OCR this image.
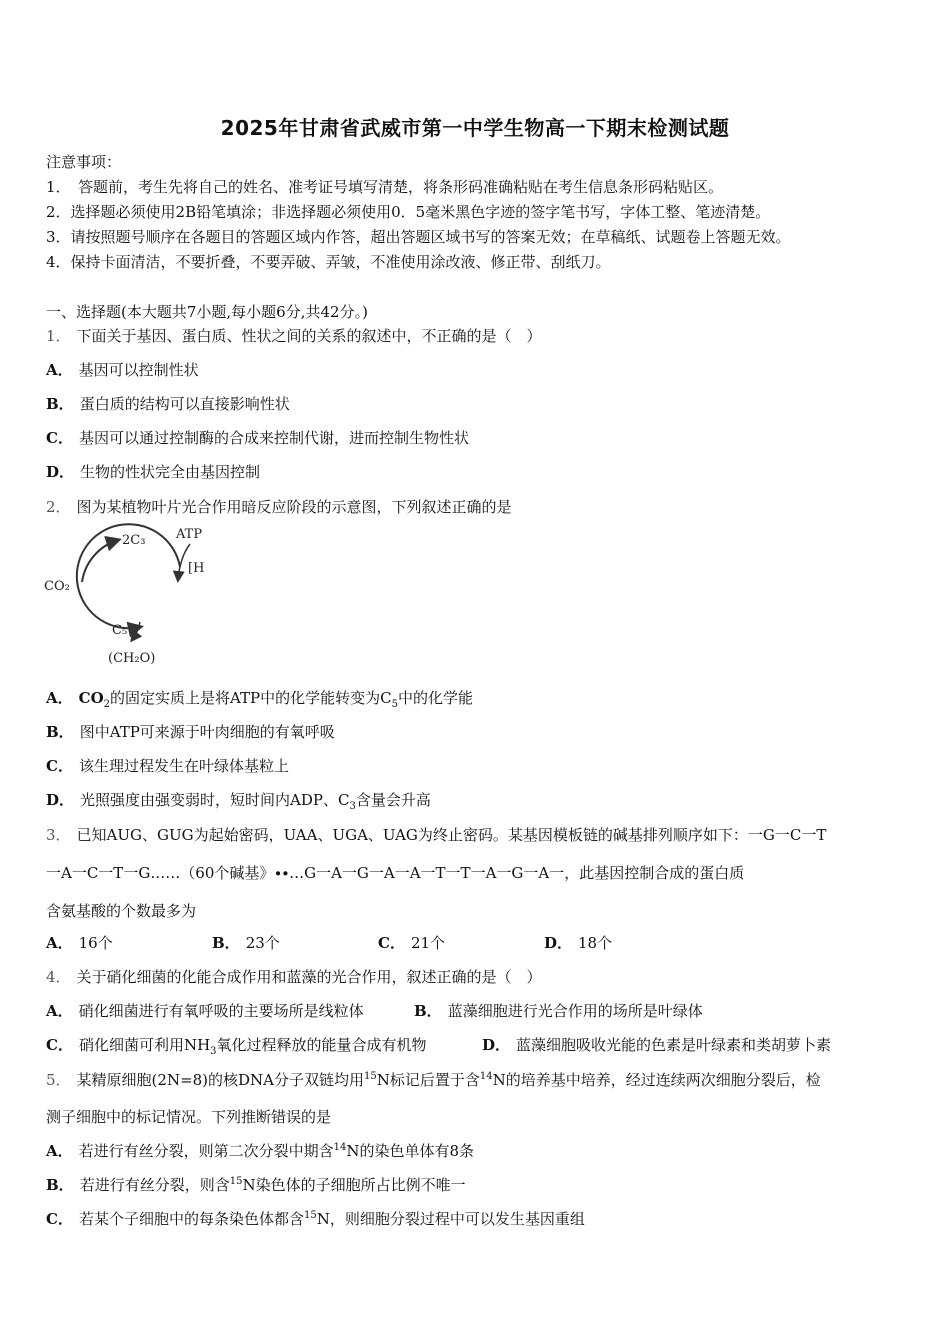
2025年甘肃省武威市第一中学生物高一下期末检测试题
注意事项：
1．　答题前，考生先将自己的姓名、准考证号填写清楚，将条形码准确粘贴在考生信息条形码粘贴区。
2．选择题必须使用2B铅笔填涂；非选择题必须使用0．5毫米黑色字迹的签字笔书写，字体工整、笔迹清楚。
3．请按照题号顺序在各题目的答题区域内作答，超出答题区域书写的答案无效；在草稿纸、试题卷上答题无效。
4．保持卡面清洁，不要折叠，不要弄破、弄皱，不准使用涂改液、修正带、刮纸刀。
一、选择题(本大题共7小题,每小题6分,共42分。)
1． 下面关于基因、蛋白质、性状之间的关系的叙述中，不正确的是（　）
A． 基因可以控制性状
B． 蛋白质的结构可以直接影响性状
C． 基因可以通过控制酶的合成来控制代谢，进而控制生物性状
D． 生物的性状完全由基因控制
2． 图为某植物叶片光合作用暗反应阶段的示意图，下列叙述正确的是
CO₂
2C₃ ATP
[H
C₅
(CH₂O)
A． $CO_2$的固定实质上是将ATP中的化学能转变为$C_5$中的化学能
B． 图中ATP可来源于叶肉细胞的有氧呼吸
C． 该生理过程发生在叶绿体基粒上
D． 光照强度由强变弱时，短时间内ADP、$C_3$含量会升高
3． 已知AUG、GUG为起始密码，UAA、UGA、UAG为终止密码。某基因模板链的碱基排列顺序如下：一G一C一T
一A一C一T一G……（60个碱基》∙∙…G一A一G一A一A一T一T一A一G一A一，此基因控制合成的蛋白质
含氨基酸的个数最多为
A． 16个	B． 23个	C． 21个	D． 18个
4． 关于硝化细菌的化能合成作用和蓝藻的光合作用，叙述正确的是（　）
A． 硝化细菌进行有氧呼吸的主要场所是线粒体	B． 蓝藻细胞进行光合作用的场所是叶绿体
C． 硝化细菌可利用$NH_3$氧化过程释放的能量合成有机物	D． 蓝藻细胞吸收光能的色素是叶绿素和类胡萝卜素
5． 某精原细胞(2N=8)的核DNA分子双链均用$^{15}$N标记后置于含$^{14}$N的培养基中培养，经过连续两次细胞分裂后，检
测子细胞中的标记情况。下列推断错误的是
A． 若进行有丝分裂，则第二次分裂中期含$^{14}$N的染色单体有8条
B． 若进行有丝分裂，则含$^{15}$N染色体的子细胞所占比例不唯一
C． 若某个子细胞中的每条染色体都含$^{15}$N，则细胞分裂过程中可以发生基因重组
